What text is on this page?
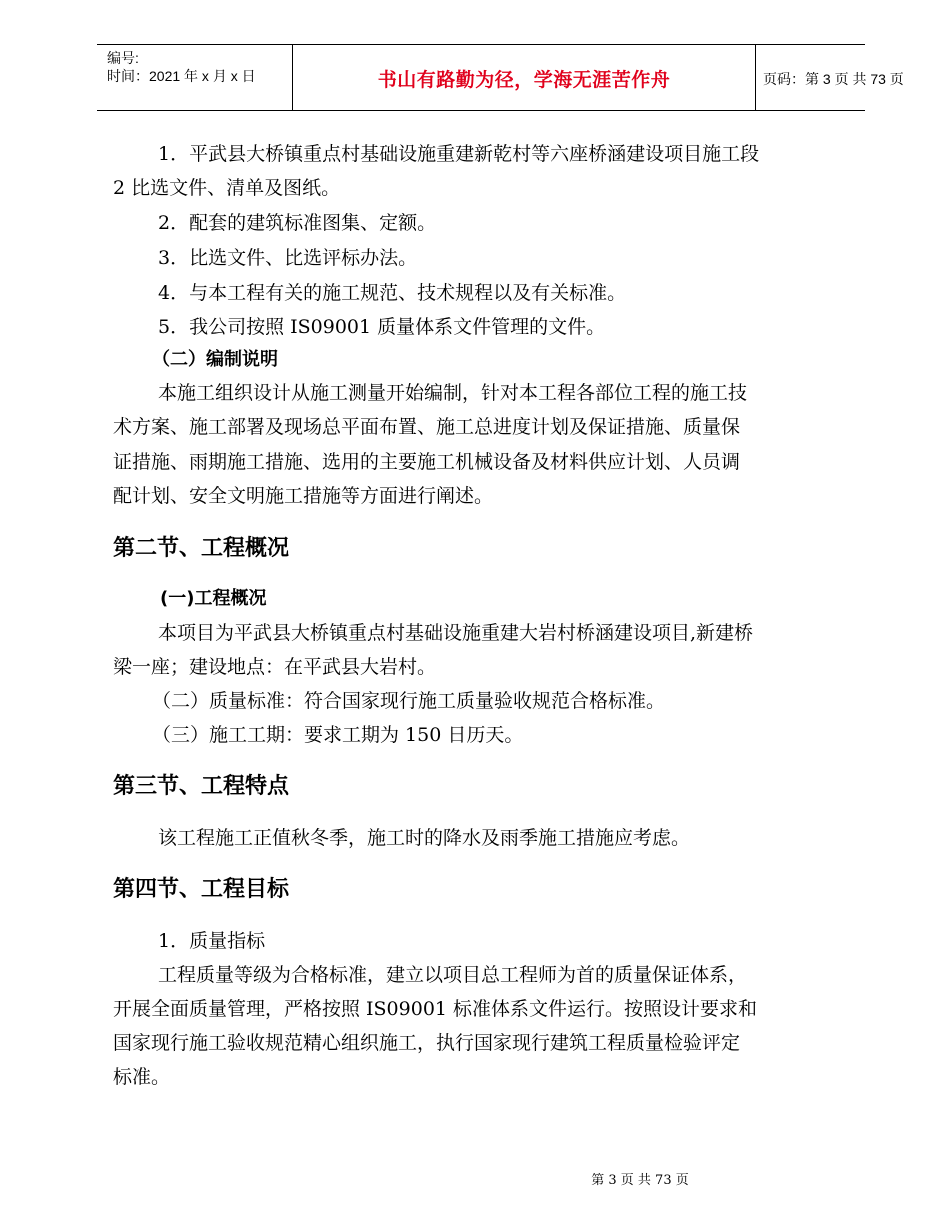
编号:
时间：2021 年 x 月 x 日	书山有路勤为径，学海无涯苦作舟	页码：第 3 页 共 73 页
1．平武县大桥镇重点村基础设施重建新乾村等六座桥涵建设项目施工段
2 比选文件、清单及图纸。
2．配套的建筑标准图集、定额。
3．比选文件、比选评标办法。
4．与本工程有关的施工规范、技术规程以及有关标准。
5．我公司按照 IS09001 质量体系文件管理的文件。
（二）编制说明
本施工组织设计从施工测量开始编制，针对本工程各部位工程的施工技
术方案、施工部署及现场总平面布置、施工总进度计划及保证措施、质量保
证措施、雨期施工措施、选用的主要施工机械设备及材料供应计划、人员调
配计划、安全文明施工措施等方面进行阐述。
第二节、工程概况
(一)工程概况
本项目为平武县大桥镇重点村基础设施重建大岩村桥涵建设项目,新建桥
梁一座；建设地点：在平武县大岩村。
（二）质量标准：符合国家现行施工质量验收规范合格标准。
（三）施工工期：要求工期为 150 日历天。
第三节、工程特点
该工程施工正值秋冬季，施工时的降水及雨季施工措施应考虑。
第四节、工程目标
1．质量指标
工程质量等级为合格标准，建立以项目总工程师为首的质量保证体系，
开展全面质量管理，严格按照 IS09001 标准体系文件运行。按照设计要求和
国家现行施工验收规范精心组织施工，执行国家现行建筑工程质量检验评定
标准。
第 3 页 共 73 页
